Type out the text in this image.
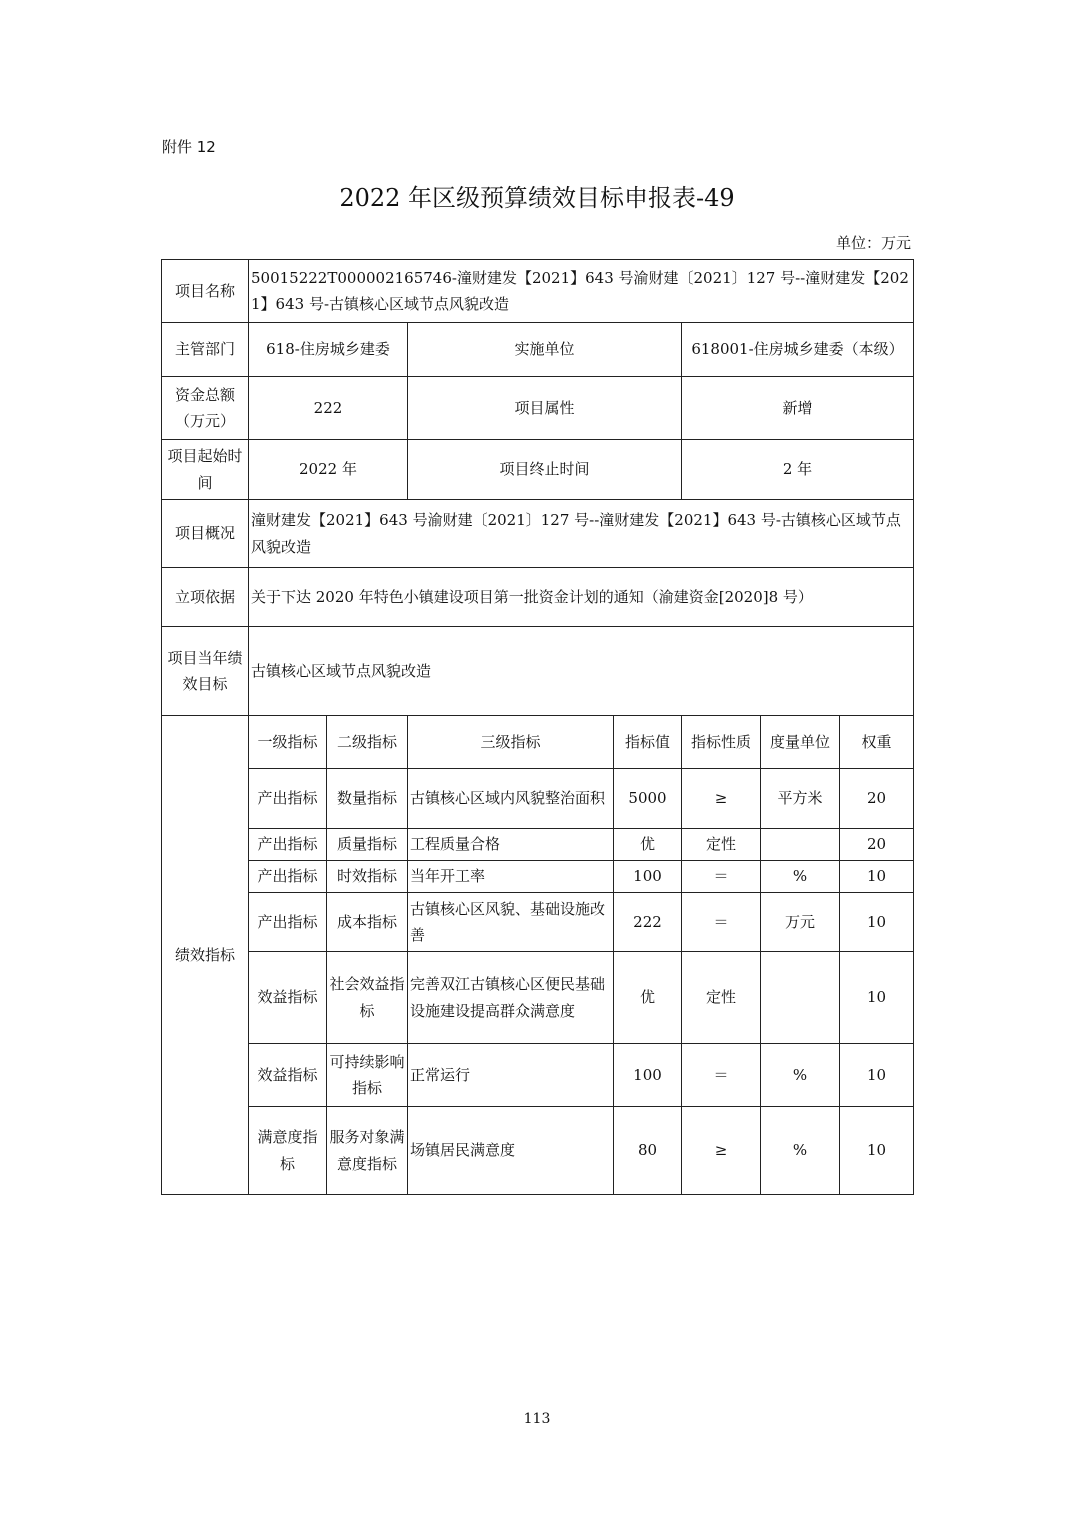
附件 12
2022 年区级预算绩效目标申报表-49
单位：万元
项目名称	50015222T000002165746-潼财建发【2021】643 号渝财建〔2021〕127 号--潼财建发【2021】643 号-古镇核心区域节点风貌改造						
主管部门	618-住房城乡建委		实施单位		618001-住房城乡建委（本级）		
资金总额（万元）	222		项目属性		新增		
项目起始时间	2022 年		项目终止时间		2 年		
项目概况	潼财建发【2021】643 号渝财建〔2021〕127 号--潼财建发【2021】643 号-古镇核心区域节点风貌改造						
立项依据	关于下达 2020 年特色小镇建设项目第一批资金计划的通知（渝建资金[2020]8 号）						
项目当年绩效目标	古镇核心区域节点风貌改造						
绩效指标	一级指标	二级指标	三级指标	指标值	指标性质	度量单位	权重
	产出指标	数量指标	古镇核心区域内风貌整治面积	5000	≥	平方米	20
	产出指标	质量指标	工程质量合格	优	定性		20
	产出指标	时效指标	当年开工率	100	＝	%	10
	产出指标	成本指标	古镇核心区风貌、基础设施改善	222	＝	万元	10
	效益指标	社会效益指标	完善双江古镇核心区便民基础设施建设提高群众满意度	优	定性		10
	效益指标	可持续影响指标	正常运行	100	＝	%	10
	满意度指标	服务对象满意度指标	场镇居民满意度	80	≥	%	10
113
